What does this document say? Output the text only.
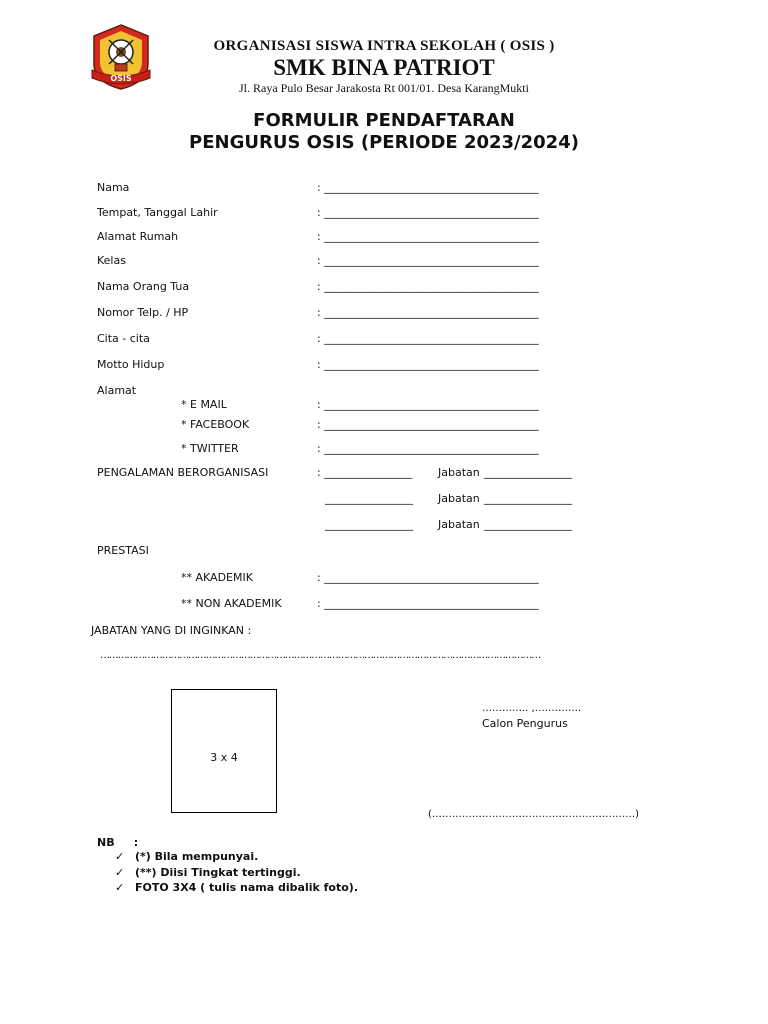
OSIS
ORGANISASI SISWA INTRA SEKOLAH ( OSIS )
SMK BINA PATRIOT
Jl. Raya Pulo Besar Jarakosta Rt 001/01. Desa KarangMukti
FORMULIR PENDAFTARAN
PENGURUS OSIS (PERIODE 2023/2024)
Nama	: _______________________________________
Tempat, Tanggal Lahir	: _______________________________________
Alamat Rumah	: _______________________________________
Kelas	: _______________________________________
Nama Orang Tua	: _______________________________________
Nomor Telp. / HP	: _______________________________________
Cita - cita	: _______________________________________
Motto Hidup	: _______________________________________
Alamat
* E MAIL	: _______________________________________
* FACEBOOK	: _______________________________________
* TWITTER	: _______________________________________
PENGALAMAN BERORGANISASI	: ________________ Jabatan ________________
________________ Jabatan ________________
________________ Jabatan ________________
PRESTASI
** AKADEMIK	: _______________________________________
** NON AKADEMIK	: _______________________________________
JABATAN YANG DI INGINKAN :
……………………………………………………………………………………………………………………………………
3 x 4
………….. ,…………..
Calon Pengurus
(…………………………………………………….)
NB     :
✓ (*) Bila mempunyai.
✓ (**) Diisi Tingkat tertinggi.
✓ FOTO 3X4 ( tulis nama dibalik foto).
